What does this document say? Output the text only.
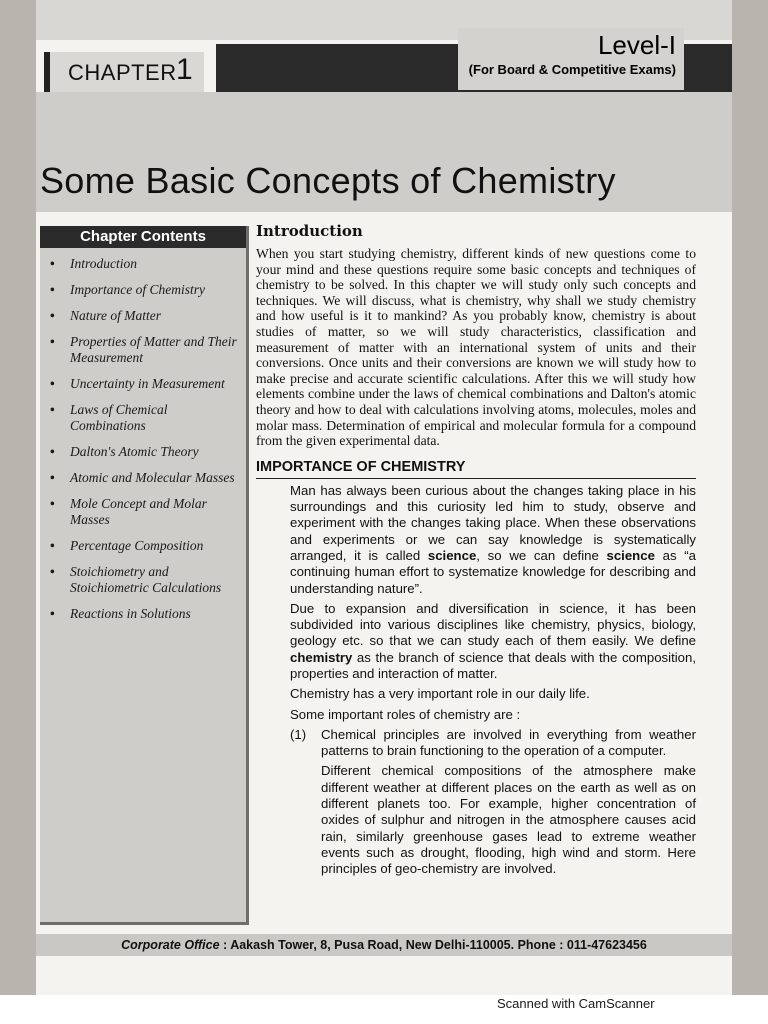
CHAPTER 1
Level-I
(For Board & Competitive Exams)
Some Basic Concepts of Chemistry
Chapter Contents
• Introduction
• Importance of Chemistry
• Nature of Matter
• Properties of Matter and Their Measurement
• Uncertainty in Measurement
• Laws of Chemical Combinations
• Dalton's Atomic Theory
• Atomic and Molecular Masses
• Mole Concept and Molar Masses
• Percentage Composition
• Stoichiometry and Stoichiometric Calculations
• Reactions in Solutions
Introduction

When you start studying chemistry, different kinds of new questions come to your mind and these questions require some basic concepts and techniques of chemistry to be solved. In this chapter we will study only such concepts and techniques. We will discuss, what is chemistry, why shall we study chemistry and how useful is it to mankind? As you probably know, chemistry is about studies of matter, so we will study characteristics, classification and measurement of matter with an international system of units and their conversions. Once units and their conversions are known we will study how to make precise and accurate scientific calculations. After this we will study how elements combine under the laws of chemical combinations and Dalton's atomic theory and how to deal with calculations involving atoms, molecules, moles and molar mass. Determination of empirical and molecular formula for a compound from the given experimental data.

IMPORTANCE OF CHEMISTRY

Man has always been curious about the changes taking place in his surroundings and this curiosity led him to study, observe and experiment with the changes taking place. When these observations and experiments or we can say knowledge is systematically arranged, it is called science, so we can define science as “a continuing human effort to systematize knowledge for describing and understanding nature”.

Due to expansion and diversification in science, it has been subdivided into various disciplines like chemistry, physics, biology, geology etc. so that we can study each of them easily. We define chemistry as the branch of science that deals with the composition, properties and interaction of matter.

Chemistry has a very important role in our daily life.

Some important roles of chemistry are :

(1) Chemical principles are involved in everything from weather patterns to brain functioning to the operation of a computer.

Different chemical compositions of the atmosphere make different weather at different places on the earth as well as on different planets too. For example, higher concentration of oxides of sulphur and nitrogen in the atmosphere causes acid rain, similarly greenhouse gases lead to extreme weather events such as drought, flooding, high wind and storm. Here principles of geo-chemistry are involved.

Corporate Office : Aakash Tower, 8, Pusa Road, New Delhi-110005. Phone : 011-47623456
Scanned with CamScanner
